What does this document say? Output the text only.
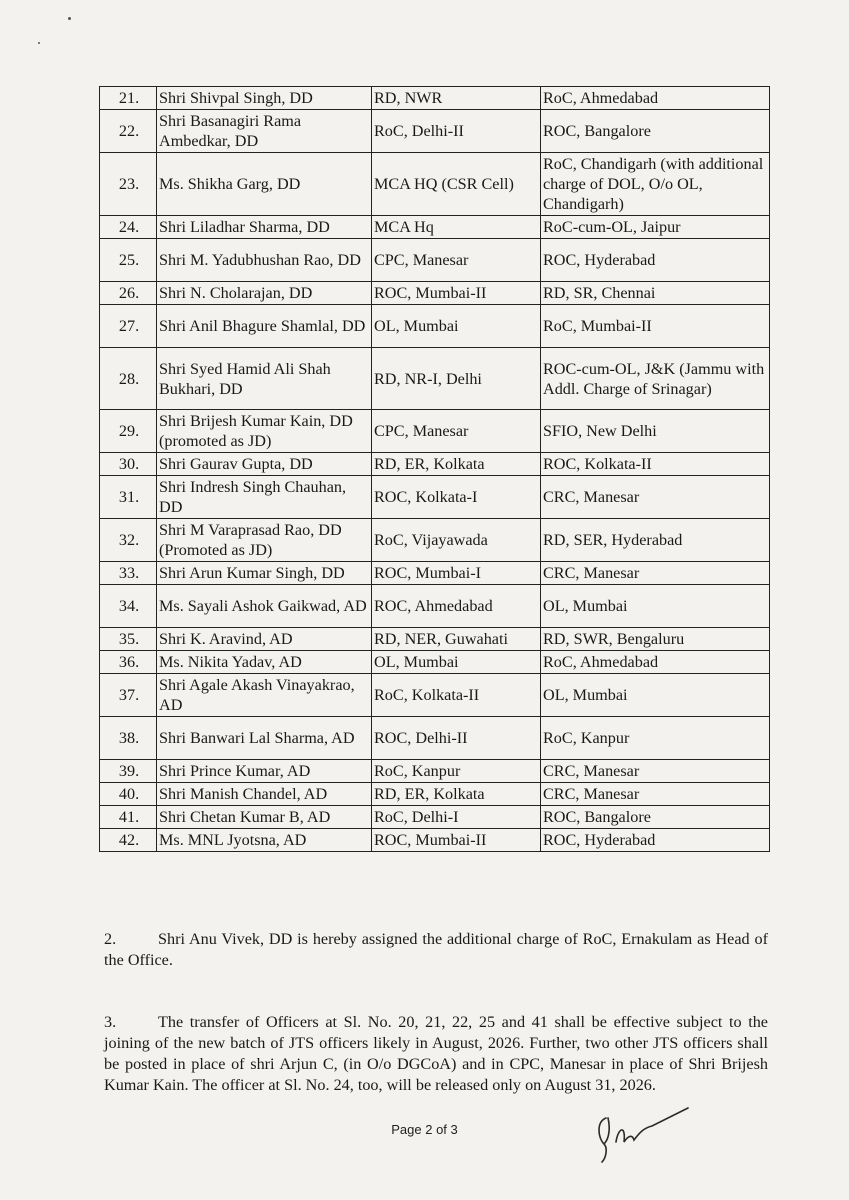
21.	Shri Shivpal Singh, DD	RD, NWR	RoC, Ahmedabad
22.	Shri Basanagiri Rama Ambedkar, DD	RoC, Delhi-II	ROC, Bangalore
23.	Ms. Shikha Garg, DD	MCA HQ (CSR Cell)	RoC, Chandigarh (with additional charge of DOL, O/o OL, Chandigarh)
24.	Shri Liladhar Sharma, DD	MCA Hq	RoC-cum-OL, Jaipur
25.	Shri M. Yadubhushan Rao, DD	CPC, Manesar	ROC, Hyderabad
26.	Shri N. Cholarajan, DD	ROC, Mumbai-II	RD, SR, Chennai
27.	Shri Anil Bhagure Shamlal, DD	OL, Mumbai	RoC, Mumbai-II
28.	Shri Syed Hamid Ali Shah Bukhari, DD	RD, NR-I, Delhi	ROC-cum-OL, J&K (Jammu with Addl. Charge of Srinagar)
29.	Shri Brijesh Kumar Kain, DD (promoted as JD)	CPC, Manesar	SFIO, New Delhi
30.	Shri Gaurav Gupta, DD	RD, ER, Kolkata	ROC, Kolkata-II
31.	Shri Indresh Singh Chauhan, DD	ROC, Kolkata-I	CRC, Manesar
32.	Shri M Varaprasad Rao, DD (Promoted as JD)	RoC, Vijayawada	RD, SER, Hyderabad
33.	Shri Arun Kumar Singh, DD	ROC, Mumbai-I	CRC, Manesar
34.	Ms. Sayali Ashok Gaikwad, AD	ROC, Ahmedabad	OL, Mumbai
35.	Shri K. Aravind, AD	RD, NER, Guwahati	RD, SWR, Bengaluru
36.	Ms. Nikita Yadav, AD	OL, Mumbai	RoC, Ahmedabad
37.	Shri Agale Akash Vinayakrao, AD	RoC, Kolkata-II	OL, Mumbai
38.	Shri Banwari Lal Sharma, AD	ROC, Delhi-II	RoC, Kanpur
39.	Shri Prince Kumar, AD	RoC, Kanpur	CRC, Manesar
40.	Shri Manish Chandel, AD	RD, ER, Kolkata	CRC, Manesar
41.	Shri Chetan Kumar B, AD	RoC, Delhi-I	ROC, Bangalore
42.	Ms. MNL Jyotsna, AD	ROC, Mumbai-II	ROC, Hyderabad

2.	Shri Anu Vivek, DD is hereby assigned the additional charge of RoC, Ernakulam as Head of the Office.

3.	The transfer of Officers at Sl. No. 20, 21, 22, 25 and 41 shall be effective subject to the joining of the new batch of JTS officers likely in August, 2026. Further, two other JTS officers shall be posted in place of shri Arjun C, (in O/o DGCoA) and in CPC, Manesar in place of Shri Brijesh Kumar Kain. The officer at Sl. No. 24, too, will be released only on August 31, 2026.

Page 2 of 3
